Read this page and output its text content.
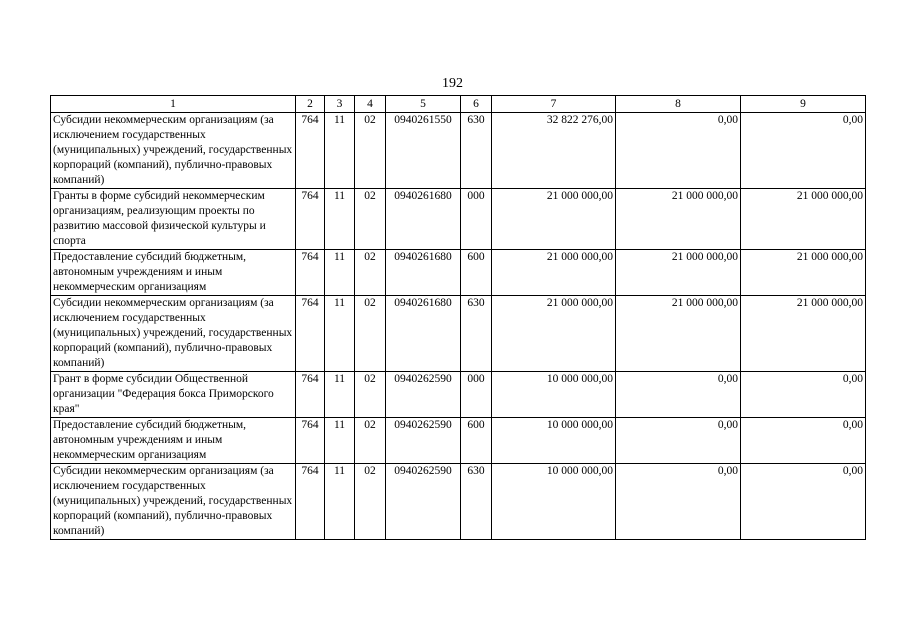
192
1	2	3	4	5	6	7	8	9
Субсидии некоммерческим организациям (за исключением государственных (муниципальных) учреждений, государственных корпораций (компаний), публично-правовых компаний)	764	11	02	0940261550	630	32 822 276,00	0,00	0,00
Гранты в форме субсидий некоммерческим организациям, реализующим проекты по развитию массовой физической культуры и спорта	764	11	02	0940261680	000	21 000 000,00	21 000 000,00	21 000 000,00
Предоставление субсидий бюджетным, автономным учреждениям и иным некоммерческим организациям	764	11	02	0940261680	600	21 000 000,00	21 000 000,00	21 000 000,00
Субсидии некоммерческим организациям (за исключением государственных (муниципальных) учреждений, государственных корпораций (компаний), публично-правовых компаний)	764	11	02	0940261680	630	21 000 000,00	21 000 000,00	21 000 000,00
Грант в форме субсидии Общественной организации "Федерация бокса Приморского края"	764	11	02	0940262590	000	10 000 000,00	0,00	0,00
Предоставление субсидий бюджетным, автономным учреждениям и иным некоммерческим организациям	764	11	02	0940262590	600	10 000 000,00	0,00	0,00
Субсидии некоммерческим организациям (за исключением государственных (муниципальных) учреждений, государственных корпораций (компаний), публично-правовых компаний)	764	11	02	0940262590	630	10 000 000,00	0,00	0,00
